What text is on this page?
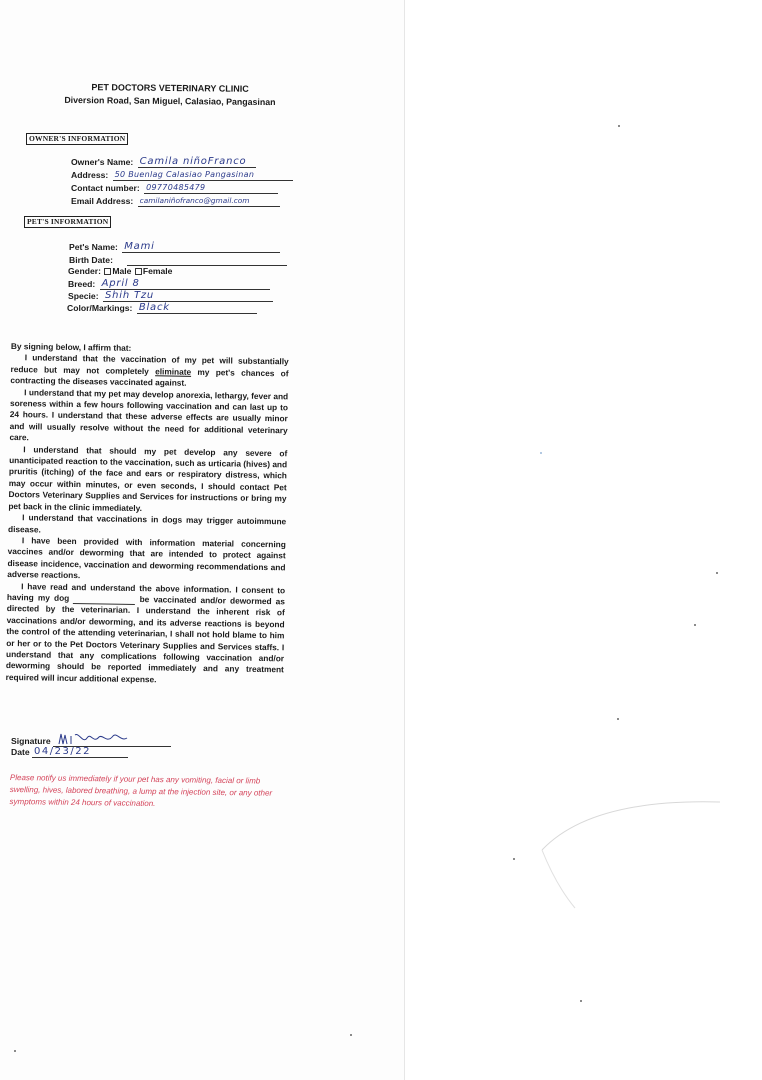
PET DOCTORS VETERINARY CLINIC
Diversion Road, San Miguel, Calasiao, Pangasinan
OWNER'S INFORMATION
Owner's Name: Camila niñoFranco
Address: 50 Buenlag Calasiao Pangasinan
Contact number: 09770485479
Email Address: camilaniñofranco@gmail.com
PET'S INFORMATION
Pet's Name: Mami
Birth Date:
Gender: Male Female
Breed: April 8
Specie: Shih Tzu
Color/Markings: Black

By signing below, I affirm that:

I understand that the vaccination of my pet will substantially reduce but may not completely eliminate my pet's chances of contracting the diseases vaccinated against.

I understand that my pet may develop anorexia, lethargy, fever and soreness within a few hours following vaccination and can last up to 24 hours. I understand that these adverse effects are usually minor and will usually resolve without the need for additional veterinary care.

I understand that should my pet develop any severe of unanticipated reaction to the vaccination, such as urticaria (hives) and pruritis (itching) of the face and ears or respiratory distress, which may occur within minutes, or even seconds, I should contact Pet Doctors Veterinary Supplies and Services for instructions or bring my pet back in the clinic immediately.

I understand that vaccinations in dogs may trigger autoimmune disease.

I have been provided with information material concerning vaccines and/or deworming that are intended to protect against disease incidence, vaccination and deworming recommendations and adverse reactions.

I have read and understand the above information. I consent to having my dog	be vaccinated and/or dewormed as directed by the veterinarian. I understand the inherent risk of vaccinations and/or deworming, and its adverse reactions is beyond the control of the attending veterinarian, I shall not hold blame to him or her or to the Pet Doctors Veterinary Supplies and Services staffs. I understand that any complications following vaccination and/or deworming should be reported immediately and any treatment required will incur additional expense.

Signature
Date 04/23/22
Please notify us immediately if your pet has any vomiting, facial or limb swelling, hives, labored breathing, a lump at the injection site, or any other symptoms within 24 hours of vaccination.
